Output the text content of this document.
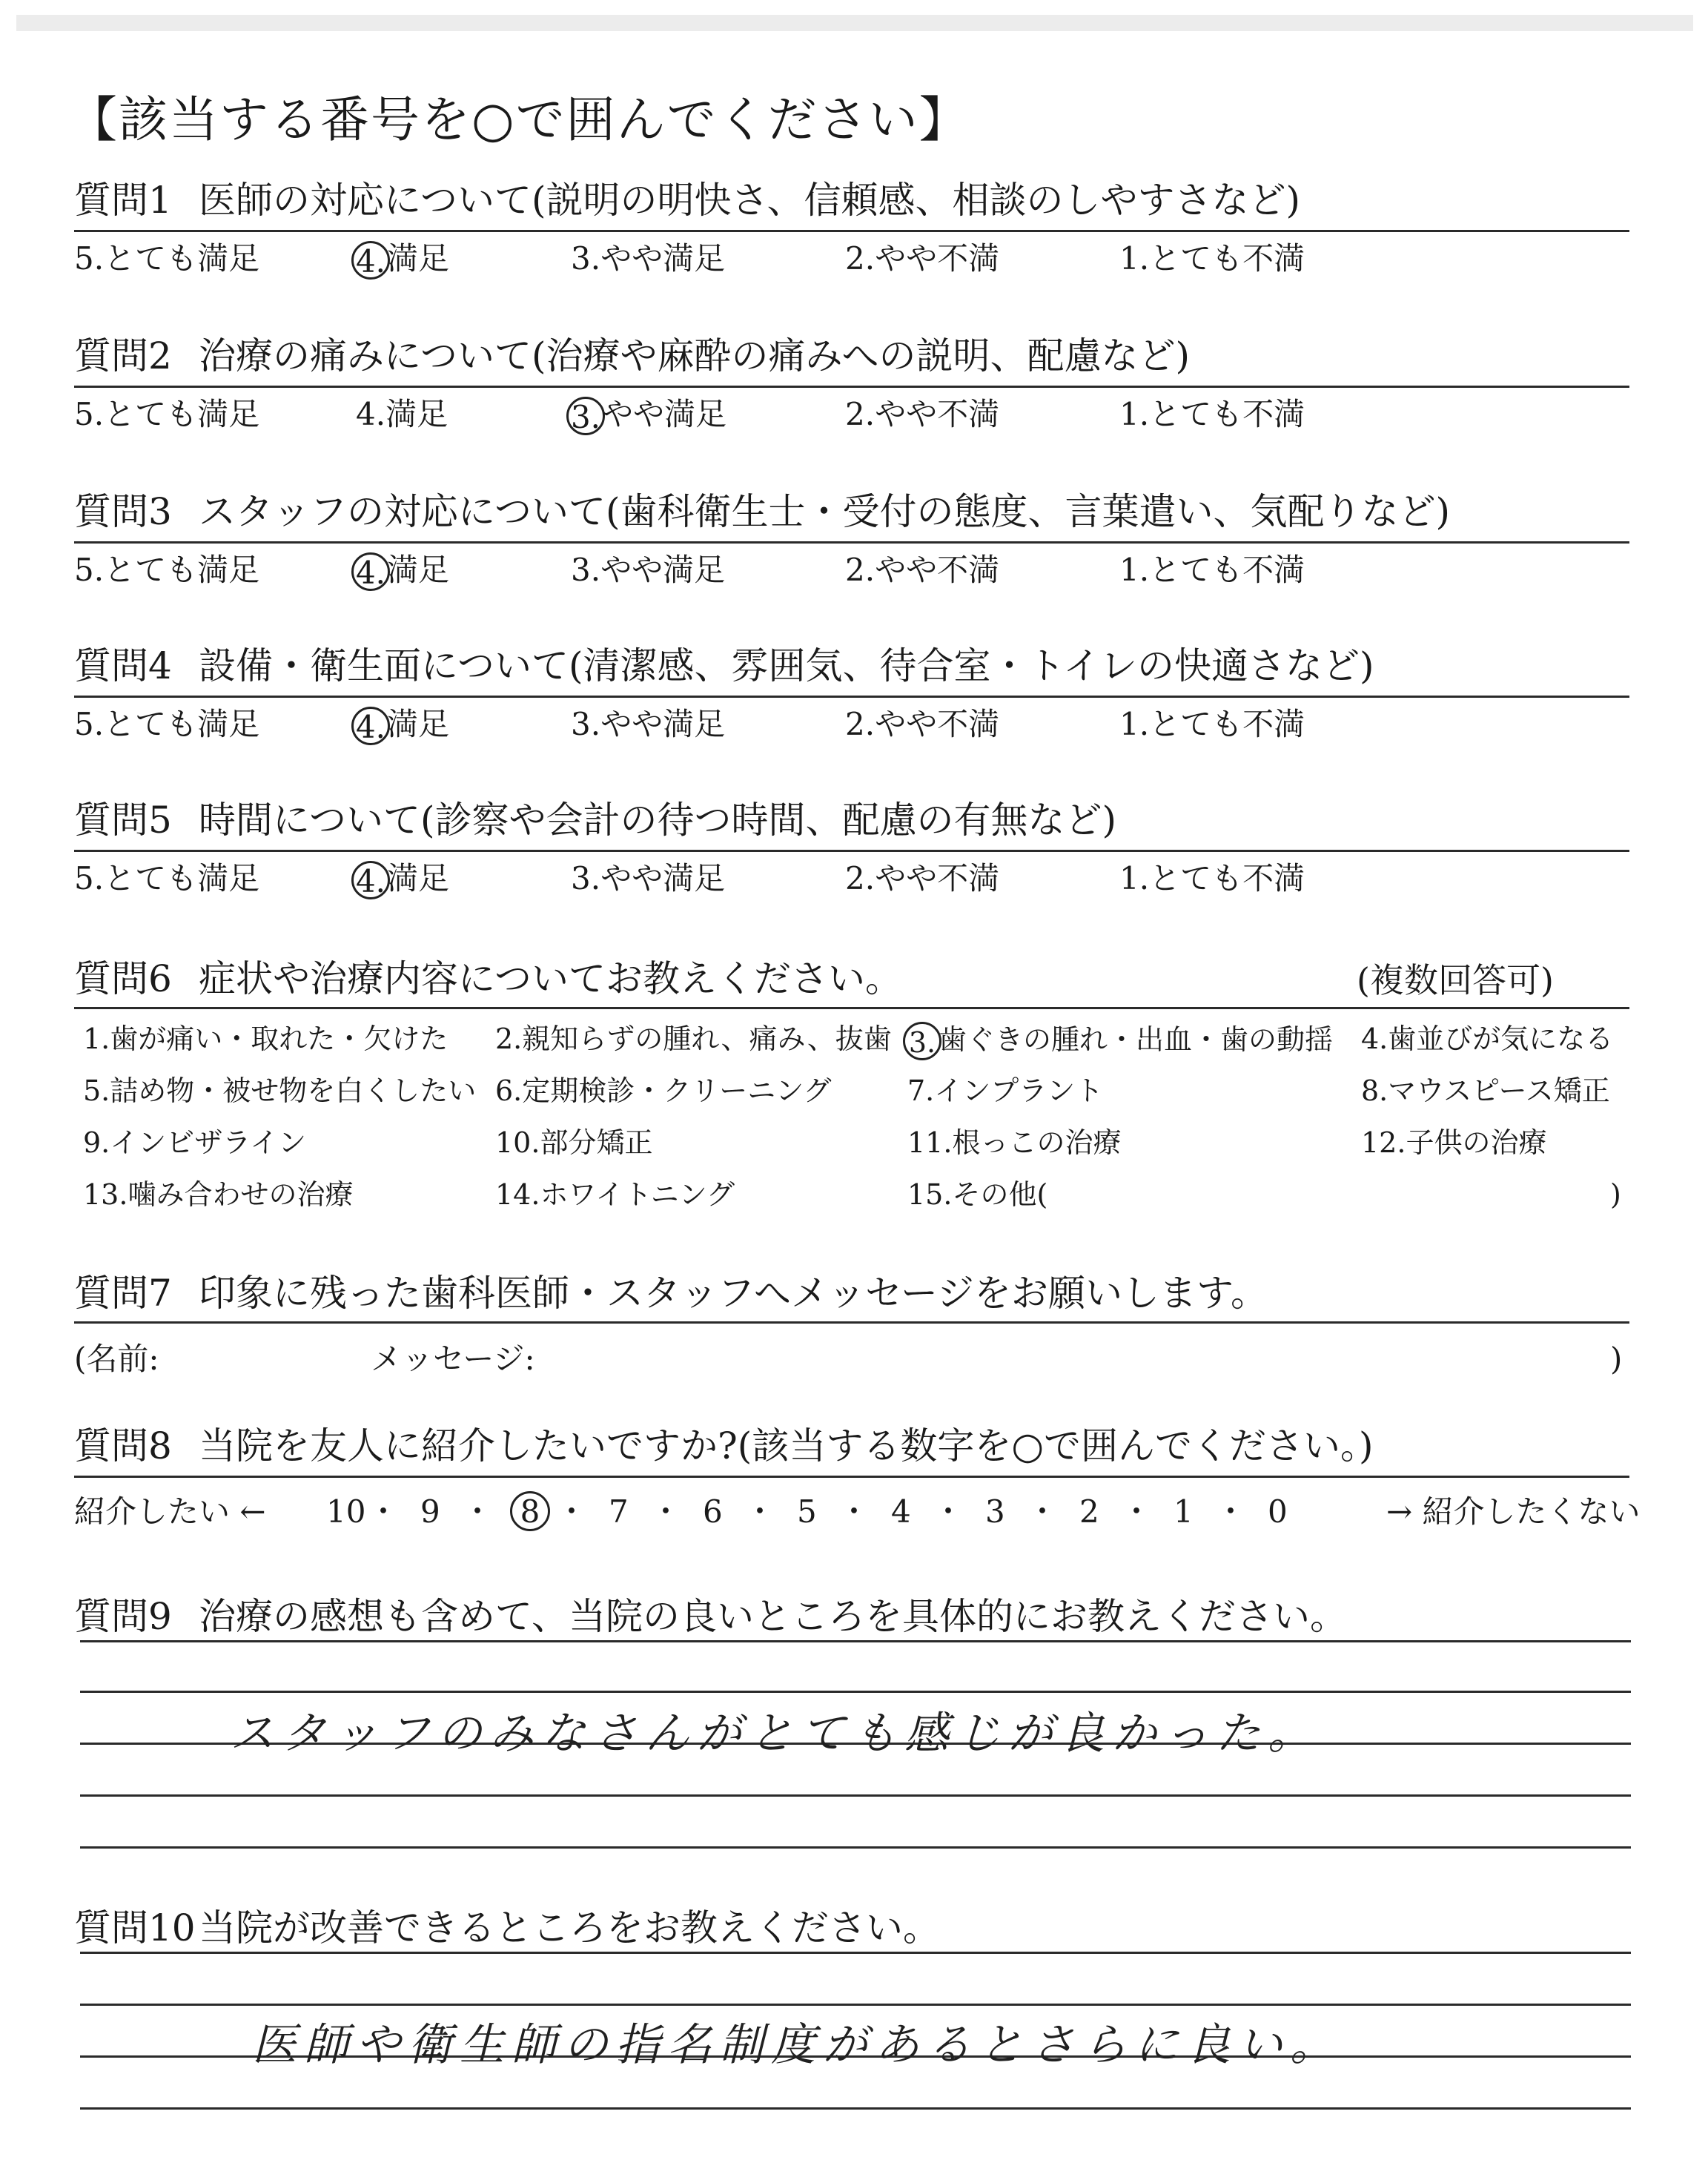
【該当する番号を○で囲んでください】
質問1 医師の対応について(説明の明快さ、信頼感、相談のしやすさなど)
5.とても満足	4.満足	3.やや満足	2.やや不満	1.とても不満
質問2 治療の痛みについて(治療や麻酔の痛みへの説明、配慮など)
5.とても満足	4.満足	3.やや満足	2.やや不満	1.とても不満
質問3 スタッフの対応について(歯科衛生士・受付の態度、言葉遣い、気配りなど)
5.とても満足	4.満足	3.やや満足	2.やや不満	1.とても不満
質問4 設備・衛生面について(清潔感、雰囲気、待合室・トイレの快適さなど)
5.とても満足	4.満足	3.やや満足	2.やや不満	1.とても不満
質問5 時間について(診察や会計の待つ時間、配慮の有無など)
5.とても満足	4.満足	3.やや満足	2.やや不満	1.とても不満
質問6 症状や治療内容についてお教えください。	(複数回答可)
1.歯が痛い・取れた・欠けた 2.親知らずの腫れ、痛み、抜歯 3. 歯ぐきの腫れ・出血・歯の動揺 4.歯並びが気になる
5.詰め物・被せ物を白くしたい 6.定期検診・クリーニング	7.インプラント	8.マウスピース矯正
9.インビザライン	10.部分矯正	11.根っこの治療	12.子供の治療
13.噛み合わせの治療	14.ホワイトニング	15.その他(	)
質問7 印象に残った歯科医師・スタッフへメッセージをお願いします。
(名前:	メッセージ:	)
質問8 当院を友人に紹介したいですか?(該当する数字を○で囲んでください。)
紹介したい ←	→ 紹介したくない
10 ・ 9 ・ 8 ・ 7 ・ 6 ・ 5 ・ 4 ・ 3 ・ 2 ・ 1 ・ 0
質問9 治療の感想も含めて、当院の良いところを具体的にお教えください。
スタッフのみなさんがとても感じが良かった。
質問10当院が改善できるところをお教えください。
医師や衛生師の指名制度があるとさらに良い。
